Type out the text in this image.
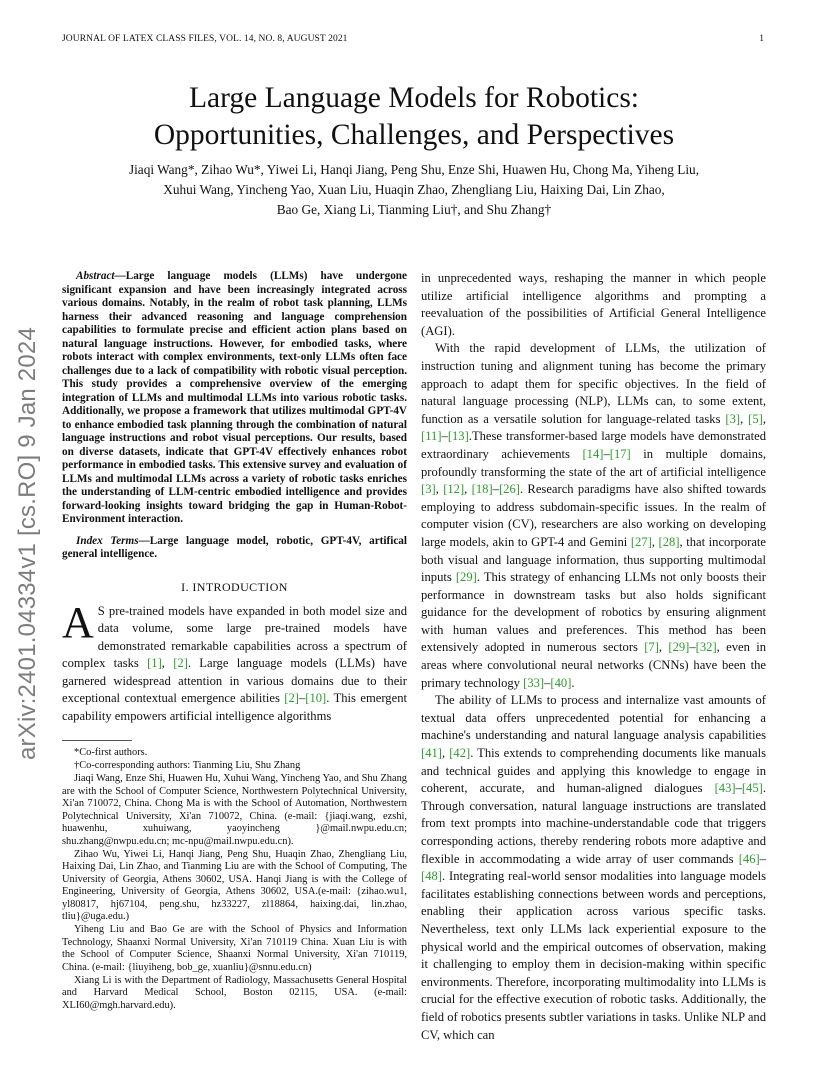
JOURNAL OF LATEX CLASS FILES, VOL. 14, NO. 8, AUGUST 2021	1
arXiv:2401.04334v1 [cs.RO] 9 Jan 2024
Large Language Models for Robotics:
Opportunities, Challenges, and Perspectives
Jiaqi Wang*, Zihao Wu*, Yiwei Li, Hanqi Jiang, Peng Shu, Enze Shi, Huawen Hu, Chong Ma, Yiheng Liu,
Xuhui Wang, Yincheng Yao, Xuan Liu, Huaqin Zhao, Zhengliang Liu, Haixing Dai, Lin Zhao,
Bao Ge, Xiang Li, Tianming Liu†, and Shu Zhang†

Abstract—Large language models (LLMs) have undergone significant expansion and have been increasingly integrated across various domains. Notably, in the realm of robot task planning, LLMs harness their advanced reasoning and language comprehension capabilities to formulate precise and efficient action plans based on natural language instructions. However, for embodied tasks, where robots interact with complex environments, text-only LLMs often face challenges due to a lack of compatibility with robotic visual perception. This study provides a comprehensive overview of the emerging integration of LLMs and multimodal LLMs into various robotic tasks. Additionally, we propose a framework that utilizes multimodal GPT-4V to enhance embodied task planning through the combination of natural language instructions and robot visual perceptions. Our results, based on diverse datasets, indicate that GPT-4V effectively enhances robot performance in embodied tasks. This extensive survey and evaluation of LLMs and multimodal LLMs across a variety of robotic tasks enriches the understanding of LLM-centric embodied intelligence and provides forward-looking insights toward bridging the gap in Human-Robot-Environment interaction.

Index Terms—Large language model, robotic, GPT-4V, artifical general intelligence.

I. INTRODUCTION

A S pre-trained models have expanded in both model size and data volume, some large pre-trained models have demonstrated remarkable capabilities across a spectrum of complex tasks [1], [2]. Large language models (LLMs) have garnered widespread attention in various domains due to their exceptional contextual emergence abilities [2]–[10]. This emergent capability empowers artificial intelligence algorithms

*Co-first authors.

†Co-corresponding authors: Tianming Liu, Shu Zhang

Jiaqi Wang, Enze Shi, Huawen Hu, Xuhui Wang, Yincheng Yao, and Shu Zhang are with the School of Computer Science, Northwestern Polytechnical University, Xi'an 710072, China. Chong Ma is with the School of Automation, Northwestern Polytechnical University, Xi'an 710072, China. (e-mail: {jiaqi.wang, ezshi, huawenhu, xuhuiwang, yaoyincheng }@mail.nwpu.edu.cn; shu.zhang@nwpu.edu.cn; mc-npu@mail.nwpu.edu.cn).

Zihao Wu, Yiwei Li, Hanqi Jiang, Peng Shu, Huaqin Zhao, Zhengliang Liu, Haixing Dai, Lin Zhao, and Tianming Liu are with the School of Computing, The University of Georgia, Athens 30602, USA. Hanqi Jiang is with the College of Engineering, University of Georgia, Athens 30602, USA.(e-mail: {zihao.wu1, yl80817, hj67104, peng.shu, hz33227, zl18864, haixing.dai, lin.zhao, tliu}@uga.edu.)

Yiheng Liu and Bao Ge are with the School of Physics and Information Technology, Shaanxi Normal University, Xi'an 710119 China. Xuan Liu is with the School of Computer Science, Shaanxi Normal University, Xi'an 710119, China. (e-mail: {liuyiheng, bob_ge, xuanliu}@snnu.edu.cn)

Xiang Li is with the Department of Radiology, Massachusetts General Hospital and Harvard Medical School, Boston 02115, USA. (e-mail: XLI60@mgh.harvard.edu).

in unprecedented ways, reshaping the manner in which people utilize artificial intelligence algorithms and prompting a reevaluation of the possibilities of Artificial General Intelligence (AGI).

With the rapid development of LLMs, the utilization of instruction tuning and alignment tuning has become the primary approach to adapt them for specific objectives. In the field of natural language processing (NLP), LLMs can, to some extent, function as a versatile solution for language-related tasks [3], [5], [11]–[13].These transformer-based large models have demonstrated extraordinary achievements [14]–[17] in multiple domains, profoundly transforming the state of the art of artificial intelligence [3], [12], [18]–[26]. Research paradigms have also shifted towards employing to address subdomain-specific issues. In the realm of computer vision (CV), researchers are also working on developing large models, akin to GPT-4 and Gemini [27], [28], that incorporate both visual and language information, thus supporting multimodal inputs [29]. This strategy of enhancing LLMs not only boosts their performance in downstream tasks but also holds significant guidance for the development of robotics by ensuring alignment with human values and preferences. This method has been extensively adopted in numerous sectors [7], [29]–[32], even in areas where convolutional neural networks (CNNs) have been the primary technology [33]–[40].

The ability of LLMs to process and internalize vast amounts of textual data offers unprecedented potential for enhancing a machine's understanding and natural language analysis capabilities [41], [42]. This extends to comprehending documents like manuals and technical guides and applying this knowledge to engage in coherent, accurate, and human-aligned dialogues [43]–[45]. Through conversation, natural language instructions are translated from text prompts into machine-understandable code that triggers corresponding actions, thereby rendering robots more adaptive and flexible in accommodating a wide array of user commands [46]–[48]. Integrating real-world sensor modalities into language models facilitates establishing connections between words and perceptions, enabling their application across various specific tasks. Nevertheless, text only LLMs lack experiential exposure to the physical world and the empirical outcomes of observation, making it challenging to employ them in decision-making within specific environments. Therefore, incorporating multimodality into LLMs is crucial for the effective execution of robotic tasks. Additionally, the field of robotics presents subtler variations in tasks. Unlike NLP and CV, which can
